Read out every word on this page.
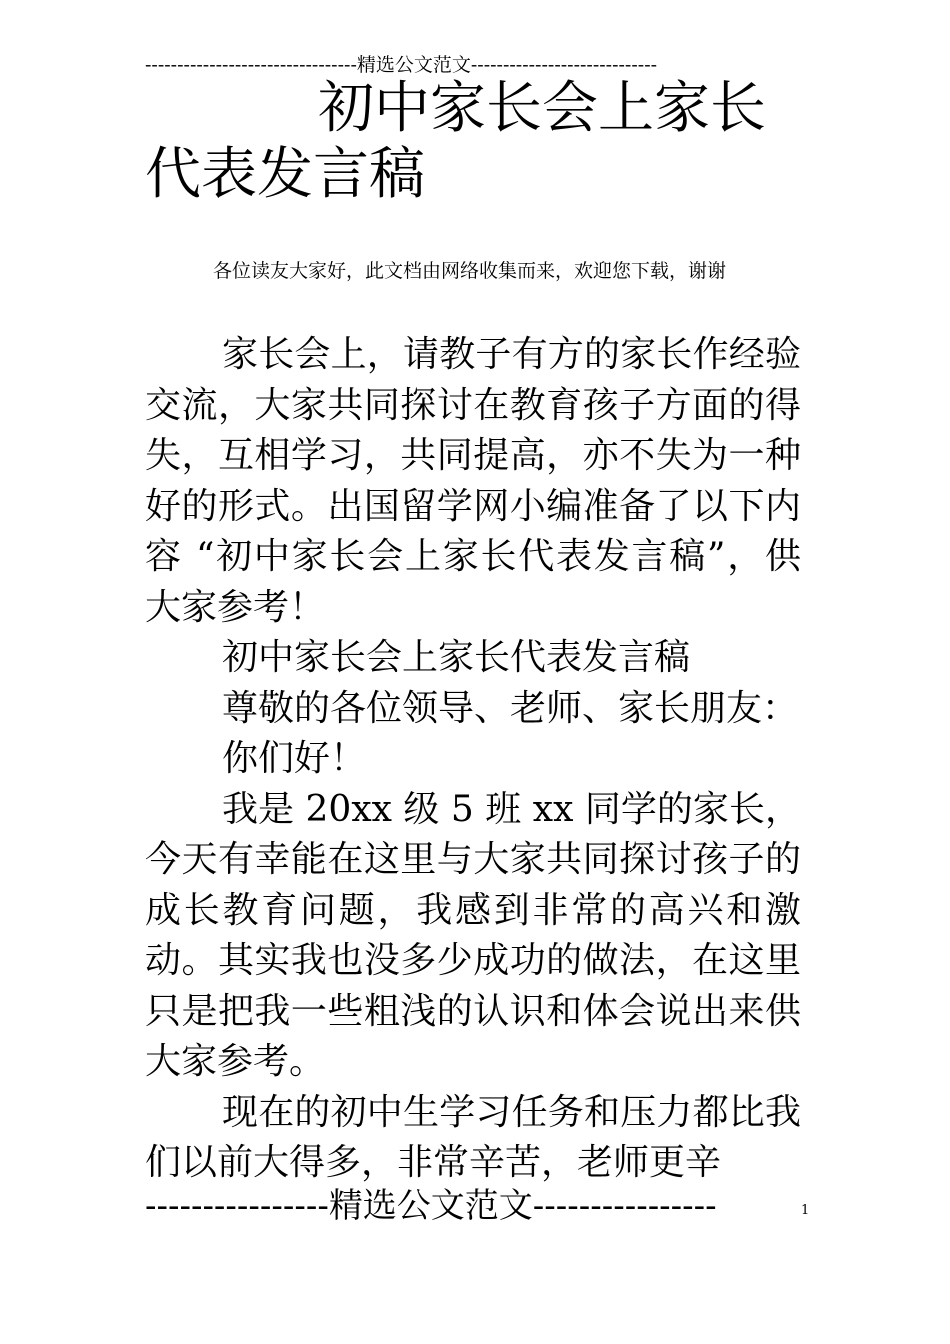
---------------------------------精选公文范文-----------------------------
初中家长会上家长
代表发言稿
各位读友大家好，此文档由网络收集而来，欢迎您下载，谢谢

家长会上，请教子有方的家长作经验交流，大家共同探讨在教育孩子方面的得失，互相学习，共同提高，亦不失为一种好的形式。出国留学网小编准备了以下内容 “初中家长会上家长代表发言稿”，供大家参考！

初中家长会上家长代表发言稿

尊敬的各位领导、老师、家长朋友：

你们好！

我是 20xx 级 5 班 xx 同学的家长，今天有幸能在这里与大家共同探讨孩子的成长教育问题，我感到非常的高兴和激动。其实我也没多少成功的做法，在这里只是把我一些粗浅的认识和体会说出来供大家参考。

现在的初中生学习任务和压力都比我们以前大得多，非常辛苦，老师更辛

----------------精选公文范文----------------	1
